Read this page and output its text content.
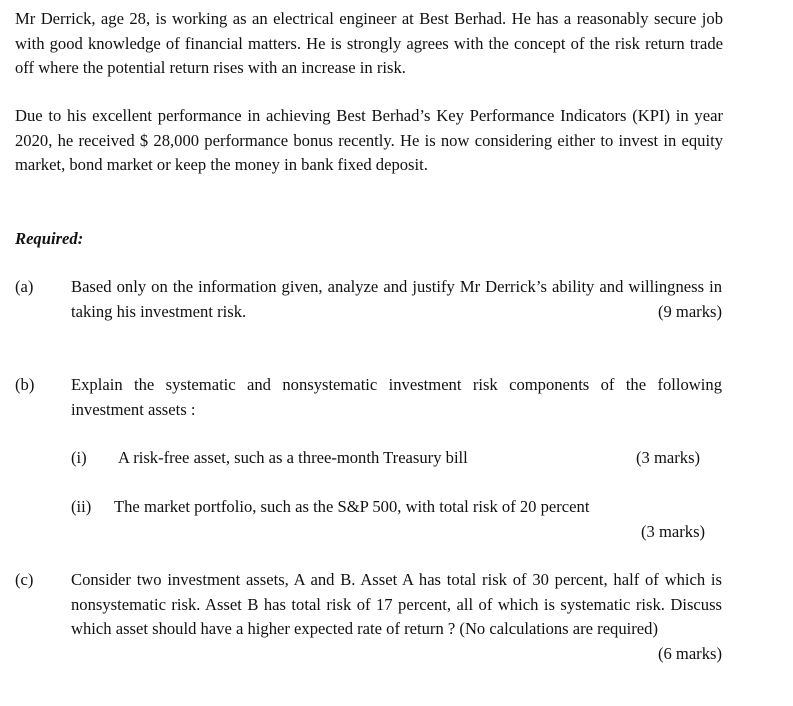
Mr Derrick, age 28, is working as an electrical engineer at Best Berhad. He has a reasonably secure job with good knowledge of financial matters. He is strongly agrees with the concept of the risk return trade off where the potential return rises with an increase in risk.

Due to his excellent performance in achieving Best Berhad’s Key Performance Indicators (KPI) in year 2020, he received $ 28,000 performance bonus recently. He is now considering either to invest in equity market, bond market or keep the money in bank fixed deposit.

Required:

(a) Based only on the information given, analyze and justify Mr Derrick’s ability and willingness in taking his investment risk.	(9 marks)

(b) Explain the systematic and nonsystematic investment risk components of the following investment assets :

(i) A risk-free asset, such as a three-month Treasury bill	(3 marks)

(ii) The market portfolio, such as the S&P 500, with total risk of 20 percent

(3 marks)

(c) Consider two investment assets, A and B. Asset A has total risk of 30 percent, half of which is nonsystematic risk. Asset B has total risk of 17 percent, all of which is systematic risk. Discuss which asset should have a higher expected rate of return ? (No calculations are required)
(6 marks)
